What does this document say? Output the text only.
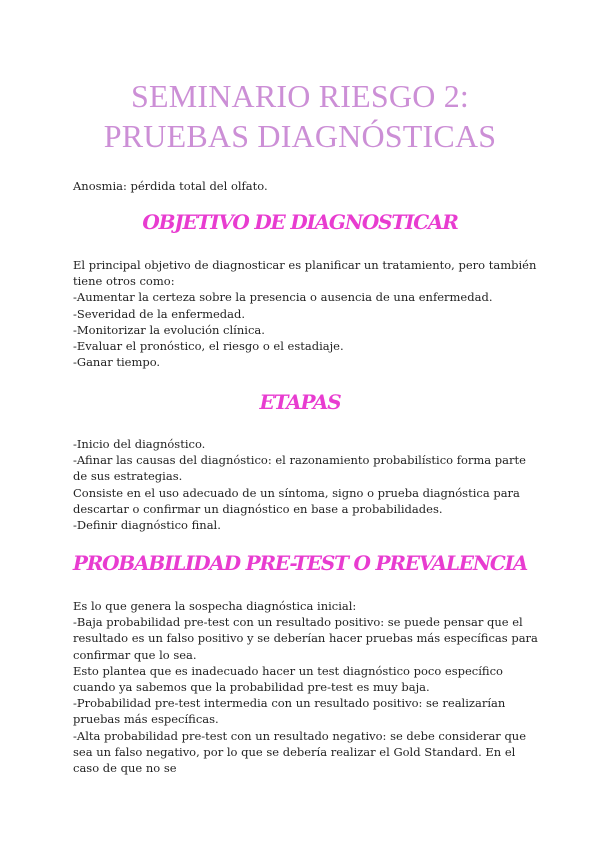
SEMINARIO RIESGO 2:
PRUEBAS DIAGNÓSTICAS
Anosmia: pérdida total del olfato.
OBJETIVO DE DIAGNOSTICAR

El principal objetivo de diagnosticar es planificar un tratamiento, pero también tiene otros como:

-Aumentar la certeza sobre la presencia o ausencia de una enfermedad.

-Severidad de la enfermedad.

-Monitorizar la evolución clínica.

-Evaluar el pronóstico, el riesgo o el estadiaje.

-Ganar tiempo.

ETAPAS

-Inicio del diagnóstico.

-Afinar las causas del diagnóstico: el razonamiento probabilístico forma parte de sus estrategias.

Consiste en el uso adecuado de un síntoma, signo o prueba diagnóstica para descartar o confirmar un diagnóstico en base a probabilidades.

-Definir diagnóstico final.

PROBABILIDAD PRE-TEST O PREVALENCIA

Es lo que genera la sospecha diagnóstica inicial:

-Baja probabilidad pre-test con un resultado positivo: se puede pensar que el resultado es un falso positivo y se deberían hacer pruebas más específicas para confirmar que lo sea.

Esto plantea que es inadecuado hacer un test diagnóstico poco específico cuando ya sabemos que la probabilidad pre-test es muy baja.

-Probabilidad pre-test intermedia con un resultado positivo: se realizarían pruebas más específicas.

-Alta probabilidad pre-test con un resultado negativo: se debe considerar que sea un falso negativo, por lo que se debería realizar el Gold Standard. En el caso de que no se
